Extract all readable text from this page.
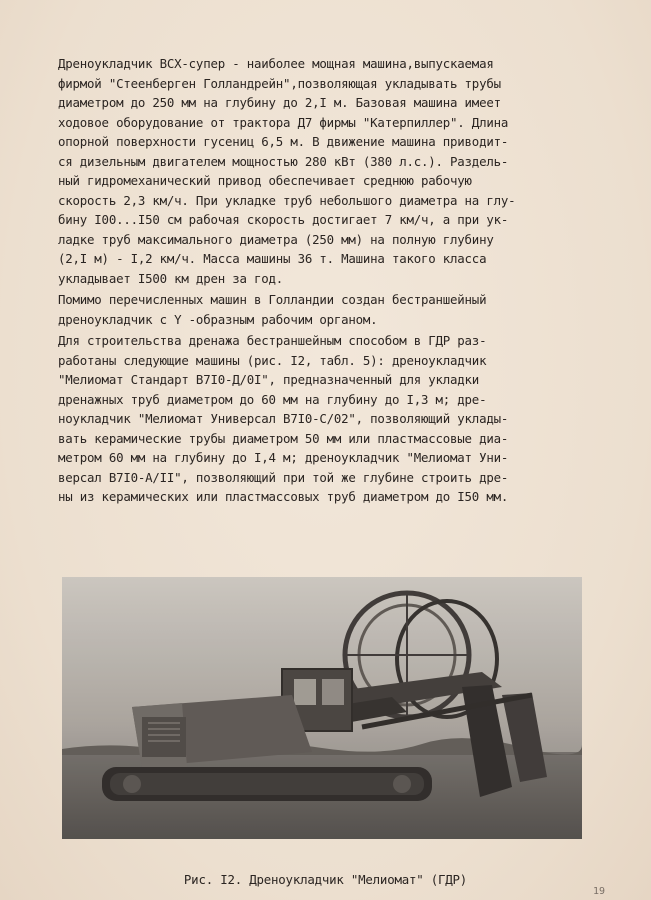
Дреноукладчик ВСХ-супер - наиболее мощная машина,выпускаемая
фирмой "Стеенберген Голландрейн",позволяющая укладывать трубы
диаметром до 250 мм на глубину до 2,I м. Базовая машина имеет
ходовое оборудование от трактора Д7 фирмы "Катерпиллер". Длина
опорной поверхности гусениц 6,5 м. В движение машина приводит-
ся дизельным двигателем мощностью 280 кВт (380 л.с.). Раздель-
ный гидромеханический привод обеспечивает среднюю рабочую
скорость 2,3 км/ч. При укладке труб небольшого диаметра на глу-
бину I00...I50 см рабочая скорость достигает 7 км/ч, а при ук-
ладке труб максимального диаметра (250 мм) на полную глубину
(2,I м) - I,2 км/ч. Масса машины 36 т. Машина такого класса
укладывает I500 км дрен за год.

Помимо перечисленных машин в Голландии создан бестраншейный
дреноукладчик с Y -образным рабочим органом.

Для строительства дренажа бестраншейным способом в ГДР раз-
работаны следующие машины (рис. I2, табл. 5): дреноукладчик
"Мелиомат Стандарт В7I0-Д/0I", предназначенный для укладки
дренажных труб диаметром до 60 мм на глубину до I,3 м; дре-
ноукладчик "Мелиомат Универсал В7I0-С/02", позволяющий уклады-
вать керамические трубы диаметром 50 мм или пластмассовые диа-
метром 60 мм на глубину до I,4 м; дреноукладчик "Мелиомат Уни-
версал В7I0-А/II", позволяющий при той же глубине строить дре-
ны из керамических или пластмассовых труб диаметром до I50 мм.

Рис. I2. Дреноукладчик "Мелиомат" (ГДР)
19
